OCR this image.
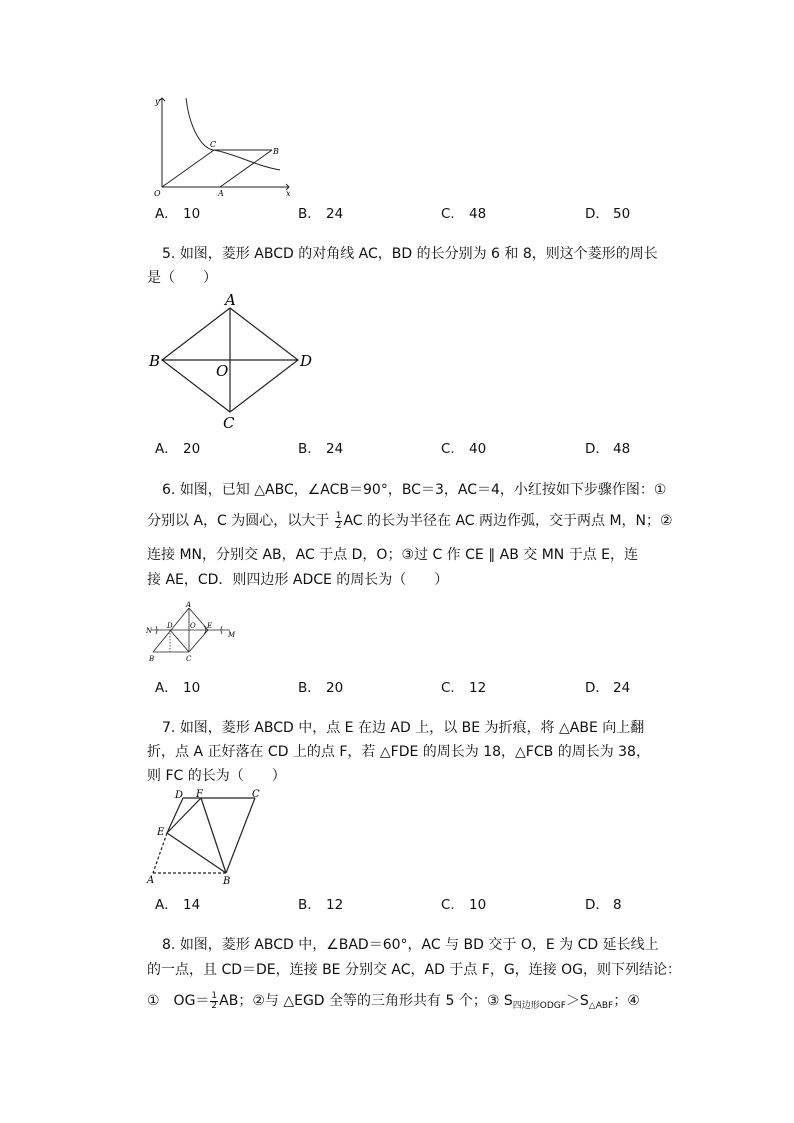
y
x
O	A
B
C
A． 10	B． 24	C． 48	D． 50
5. 如图，菱形 ABCD 的对角线 AC，BD 的长分别为 6 和 8，则这个菱形的周长
是（　　）
A
B
C
D
O
A． 20	B． 24	C． 40	D． 48
6. 如图，已知 △ABC，∠ACB＝90°，BC＝3，AC＝4，小红按如下步骤作图：①
分别以 A，C 为圆心，以大于 $\frac{1}{2}$ AC 的长为半径在 AC 两边作弧，交于两点 M，N；②
连接 MN，分别交 AB，AC 于点 D，O；③过 C 作 CE ∥ AB 交 MN 于点 E，连
接 AE，CD．则四边形 ADCE 的周长为（　　）
A
B	C
D	E
N	M
O
A． 10	B． 20	C． 12	D． 24
7. 如图，菱形 ABCD 中，点 E 在边 AD 上，以 BE 为折痕，将 △ABE 向上翻
折，点 A 正好落在 CD 上的点 F，若 △FDE 的周长为 18，△FCB 的周长为 38，
则 FC 的长为（　　）
D F	C
E
A	B
A． 14	B． 12	C． 10	D． 8
8. 如图，菱形 ABCD 中，∠BAD＝60°，AC 与 BD 交于 O，E 为 CD 延长线上
的一点，且 CD＝DE，连接 BE 分别交 AC，AD 于点 F，G，连接 OG，则下列结论：
①　$OG= \frac{1}{2}$ AB；②与 △EGD 全等的三角形共有 5 个；③ $S_{四边形ODGF}>S_{\triangle ABF}$；④
